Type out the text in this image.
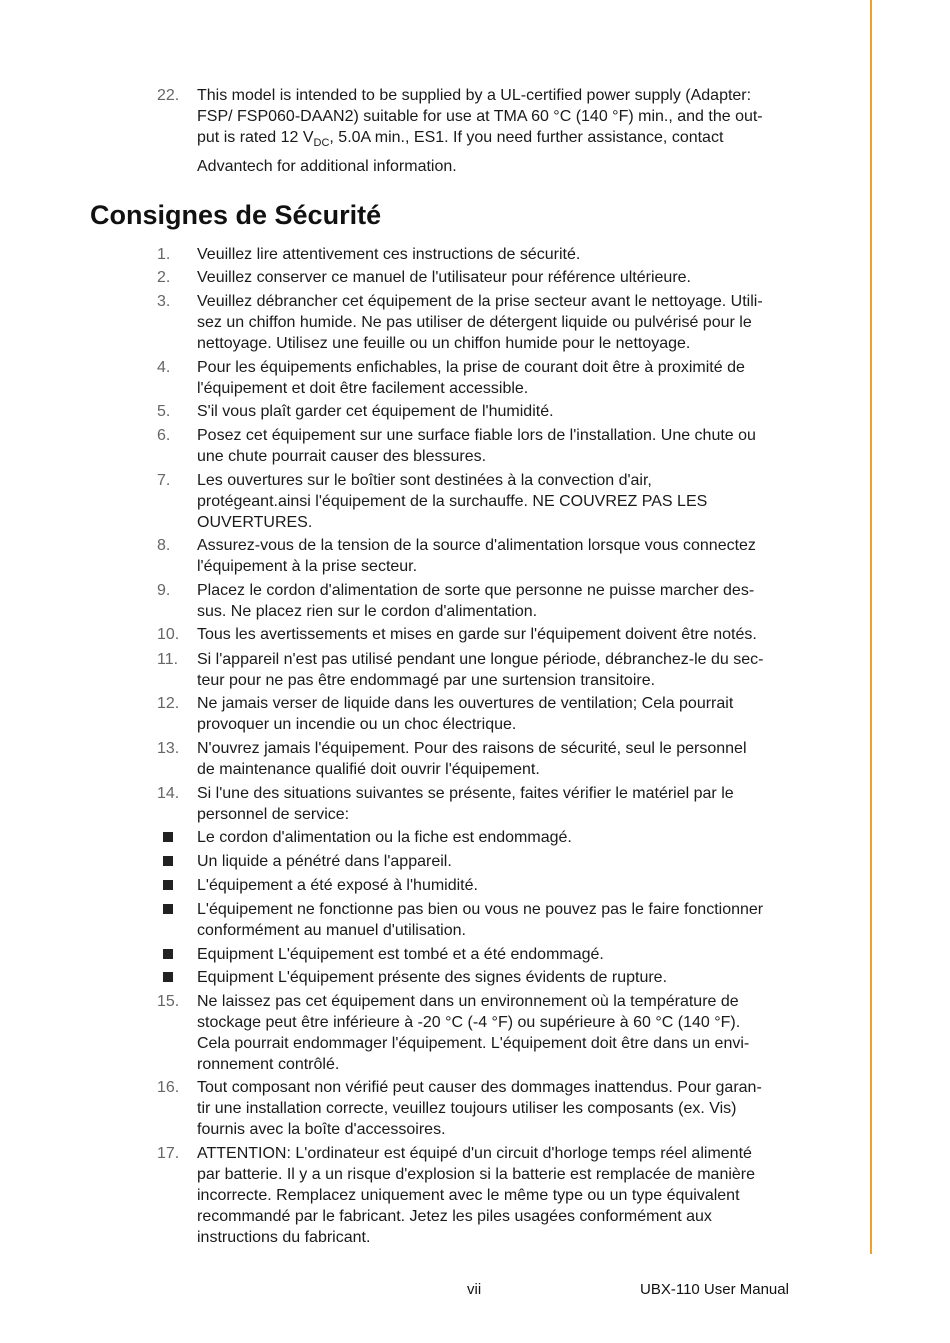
22.	This model is intended to be supplied by a UL-certified power supply (Adapter:
FSP/ FSP060-DAAN2) suitable for use at TMA 60 °C (140 °F) min., and the out-
put is rated 12 $V_{DC}$, 5.0A min., ES1. If you need further assistance, contact
Advantech for additional information.
Consignes de Sécurité
1.	Veuillez lire attentivement ces instructions de sécurité.
2.	Veuillez conserver ce manuel de l'utilisateur pour référence ultérieure.
3.	Veuillez débrancher cet équipement de la prise secteur avant le nettoyage. Utili-
sez un chiffon humide. Ne pas utiliser de détergent liquide ou pulvérisé pour le
nettoyage. Utilisez une feuille ou un chiffon humide pour le nettoyage.
4.	Pour les équipements enfichables, la prise de courant doit être à proximité de
l'équipement et doit être facilement accessible.
5.	S'il vous plaît garder cet équipement de l'humidité.
6.	Posez cet équipement sur une surface fiable lors de l'installation. Une chute ou
une chute pourrait causer des blessures.
7.	Les ouvertures sur le boîtier sont destinées à la convection d'air,
protégeant.ainsi l'équipement de la surchauffe. NE COUVREZ PAS LES
OUVERTURES.
8.	Assurez-vous de la tension de la source d'alimentation lorsque vous connectez
l'équipement à la prise secteur.
9.	Placez le cordon d'alimentation de sorte que personne ne puisse marcher des-
sus. Ne placez rien sur le cordon d'alimentation.
10.	Tous les avertissements et mises en garde sur l'équipement doivent être notés.
11.	Si l'appareil n'est pas utilisé pendant une longue période, débranchez-le du sec-
teur pour ne pas être endommagé par une surtension transitoire.
12.	Ne jamais verser de liquide dans les ouvertures de ventilation; Cela pourrait
provoquer un incendie ou un choc électrique.
13.	N'ouvrez jamais l'équipement. Pour des raisons de sécurité, seul le personnel
de maintenance qualifié doit ouvrir l'équipement.
14.	Si l'une des situations suivantes se présente, faites vérifier le matériel par le
personnel de service:
Le cordon d'alimentation ou la fiche est endommagé.
Un liquide a pénétré dans l'appareil.
L'équipement a été exposé à l'humidité.
L'équipement ne fonctionne pas bien ou vous ne pouvez pas le faire fonctionner
conformément au manuel d'utilisation.
Equipment L'équipement est tombé et a été endommagé.
Equipment L'équipement présente des signes évidents de rupture.
15.	Ne laissez pas cet équipement dans un environnement où la température de
stockage peut être inférieure à -20 °C (-4 °F) ou supérieure à 60 °C (140 °F).
Cela pourrait endommager l'équipement. L'équipement doit être dans un envi-
ronnement contrôlé.
16.	Tout composant non vérifié peut causer des dommages inattendus. Pour garan-
tir une installation correcte, veuillez toujours utiliser les composants (ex. Vis)
fournis avec la boîte d'accessoires.
17.	ATTENTION: L'ordinateur est équipé d'un circuit d'horloge temps réel alimenté
par batterie. Il y a un risque d'explosion si la batterie est remplacée de manière
incorrecte. Remplacez uniquement avec le même type ou un type équivalent
recommandé par le fabricant. Jetez les piles usagées conformément aux
instructions du fabricant.
vii	UBX-110 User Manual
